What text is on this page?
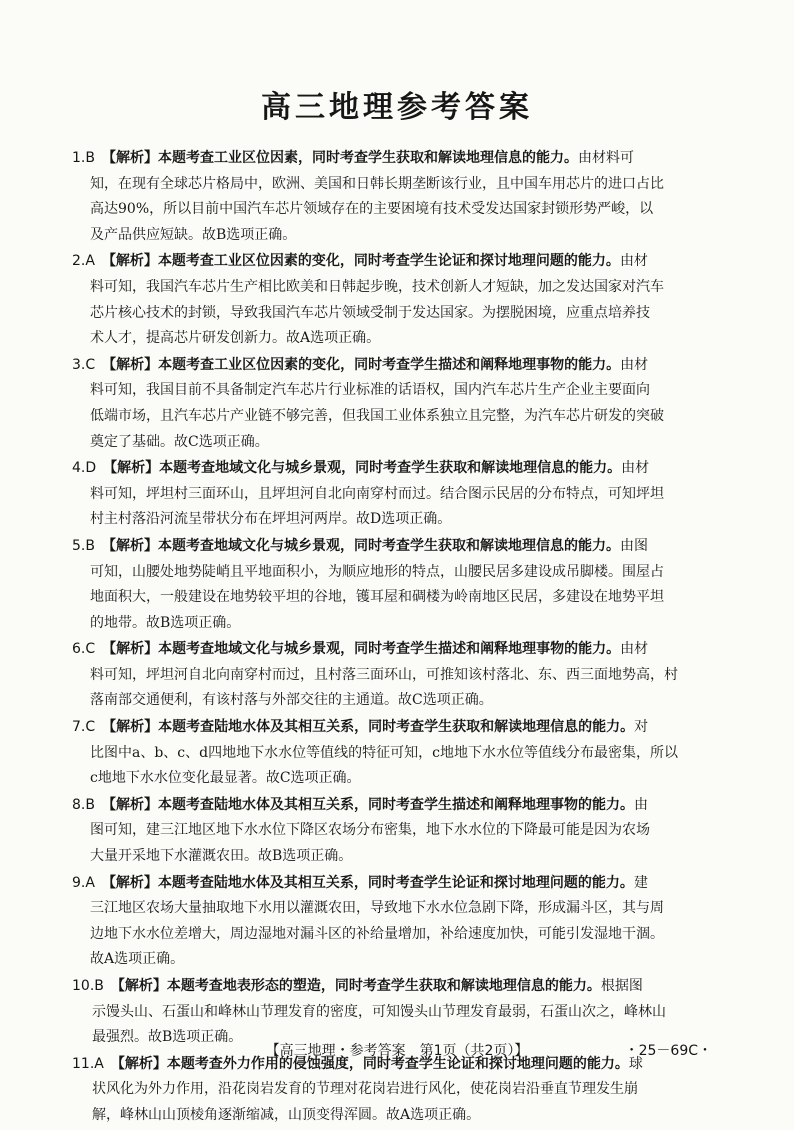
高三地理参考答案
1.B  【解析】本题考查工业区位因素，同时考查学生获取和解读地理信息的能力。由材料可
知，在现有全球芯片格局中，欧洲、美国和日韩长期垄断该行业，且中国车用芯片的进口占比
高达90%，所以目前中国汽车芯片领域存在的主要困境有技术受发达国家封锁形势严峻，以
及产品供应短缺。故B选项正确。
2.A  【解析】本题考查工业区位因素的变化，同时考查学生论证和探讨地理问题的能力。由材
料可知，我国汽车芯片生产相比欧美和日韩起步晚，技术创新人才短缺，加之发达国家对汽车
芯片核心技术的封锁，导致我国汽车芯片领域受制于发达国家。为摆脱困境，应重点培养技
术人才，提高芯片研发创新力。故A选项正确。
3.C  【解析】本题考查工业区位因素的变化，同时考查学生描述和阐释地理事物的能力。由材
料可知，我国目前不具备制定汽车芯片行业标准的话语权，国内汽车芯片生产企业主要面向
低端市场，且汽车芯片产业链不够完善，但我国工业体系独立且完整，为汽车芯片研发的突破
奠定了基础。故C选项正确。
4.D  【解析】本题考查地域文化与城乡景观，同时考查学生获取和解读地理信息的能力。由材
料可知，坪坦村三面环山，且坪坦河自北向南穿村而过。结合图示民居的分布特点，可知坪坦
村主村落沿河流呈带状分布在坪坦河两岸。故D选项正确。
5.B  【解析】本题考查地域文化与城乡景观，同时考查学生获取和解读地理信息的能力。由图
可知，山腰处地势陡峭且平地面积小，为顺应地形的特点，山腰民居多建设成吊脚楼。围屋占
地面积大，一般建设在地势较平坦的谷地，镬耳屋和碉楼为岭南地区民居，多建设在地势平坦
的地带。故B选项正确。
6.C  【解析】本题考查地域文化与城乡景观，同时考查学生描述和阐释地理事物的能力。由材
料可知，坪坦河自北向南穿村而过，且村落三面环山，可推知该村落北、东、西三面地势高，村
落南部交通便利，有该村落与外部交往的主通道。故C选项正确。
7.C  【解析】本题考查陆地水体及其相互关系，同时考查学生获取和解读地理信息的能力。对
比图中a、b、c、d四地地下水水位等值线的特征可知，c地地下水水位等值线分布最密集，所以
c地地下水水位变化最显著。故C选项正确。
8.B  【解析】本题考查陆地水体及其相互关系，同时考查学生描述和阐释地理事物的能力。由
图可知，建三江地区地下水水位下降区农场分布密集，地下水水位的下降最可能是因为农场
大量开采地下水灌溉农田。故B选项正确。
9.A  【解析】本题考查陆地水体及其相互关系，同时考查学生论证和探讨地理问题的能力。建
三江地区农场大量抽取地下水用以灌溉农田，导致地下水水位急剧下降，形成漏斗区，其与周
边地下水水位差增大，周边湿地对漏斗区的补给量增加，补给速度加快，可能引发湿地干涸。
故A选项正确。
10.B  【解析】本题考查地表形态的塑造，同时考查学生获取和解读地理信息的能力。根据图
示馒头山、石蛋山和峰林山节理发育的密度，可知馒头山节理发育最弱，石蛋山次之，峰林山
最强烈。故B选项正确。
11.A  【解析】本题考查外力作用的侵蚀强度，同时考查学生论证和探讨地理问题的能力。球
状风化为外力作用，沿花岗岩发育的节理对花岗岩进行风化，使花岗岩沿垂直节理发生崩
解，峰林山山顶棱角逐渐缩减，山顶变得浑圆。故A选项正确。
【高三地理・参考答案　第1页（共2页）】	・25－69C・
